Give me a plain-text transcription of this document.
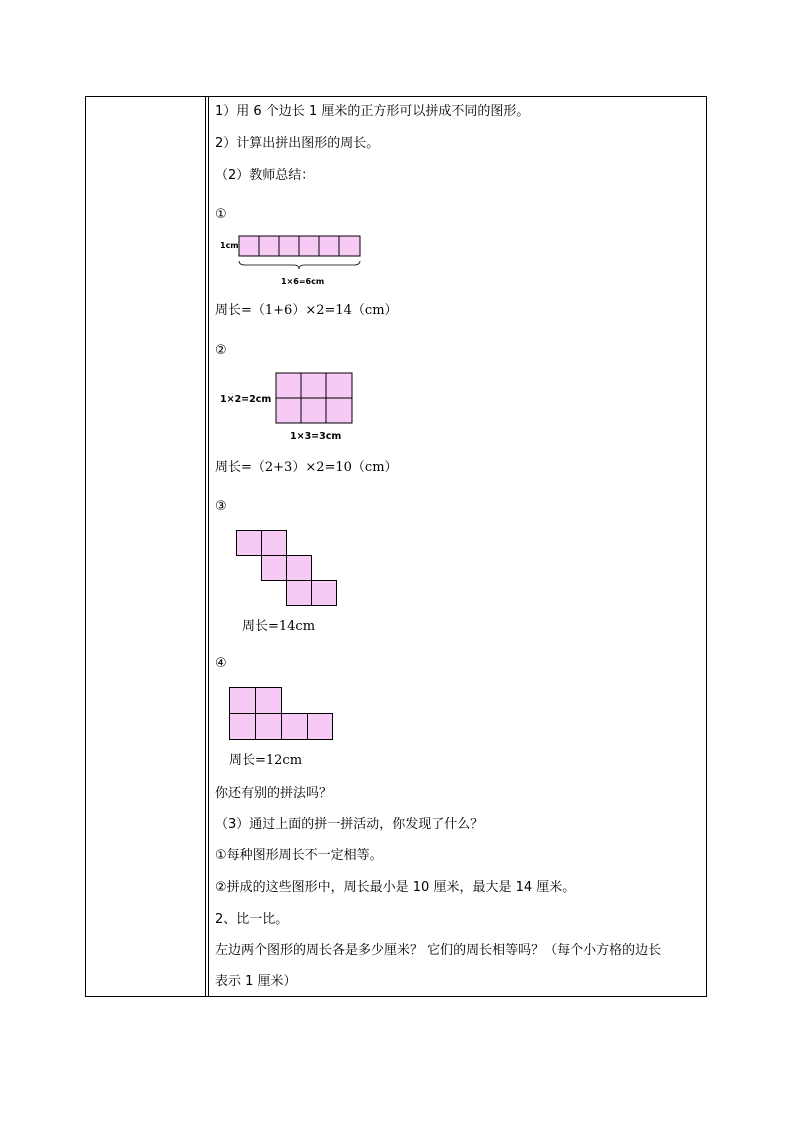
1）用 6 个边长 1 厘米的正方形可以拼成不同的图形。
2）计算出拼出图形的周长。
（2）教师总结：
①
1cm
1×6=6cm
周长=（1+6）×2=14（cm）
②
1×2=2cm
1×3=3cm
周长=（2+3）×2=10（cm）
③
周长=14cm
④
周长=12cm
你还有别的拼法吗？
（3）通过上面的拼一拼活动，你发现了什么？
①每种图形周长不一定相等。
②拼成的这些图形中，周长最小是 10 厘米，最大是 14 厘米。
2、比一比。
左边两个图形的周长各是多少厘米？ 它们的周长相等吗？（每个小方格的边长
表示 1 厘米）
